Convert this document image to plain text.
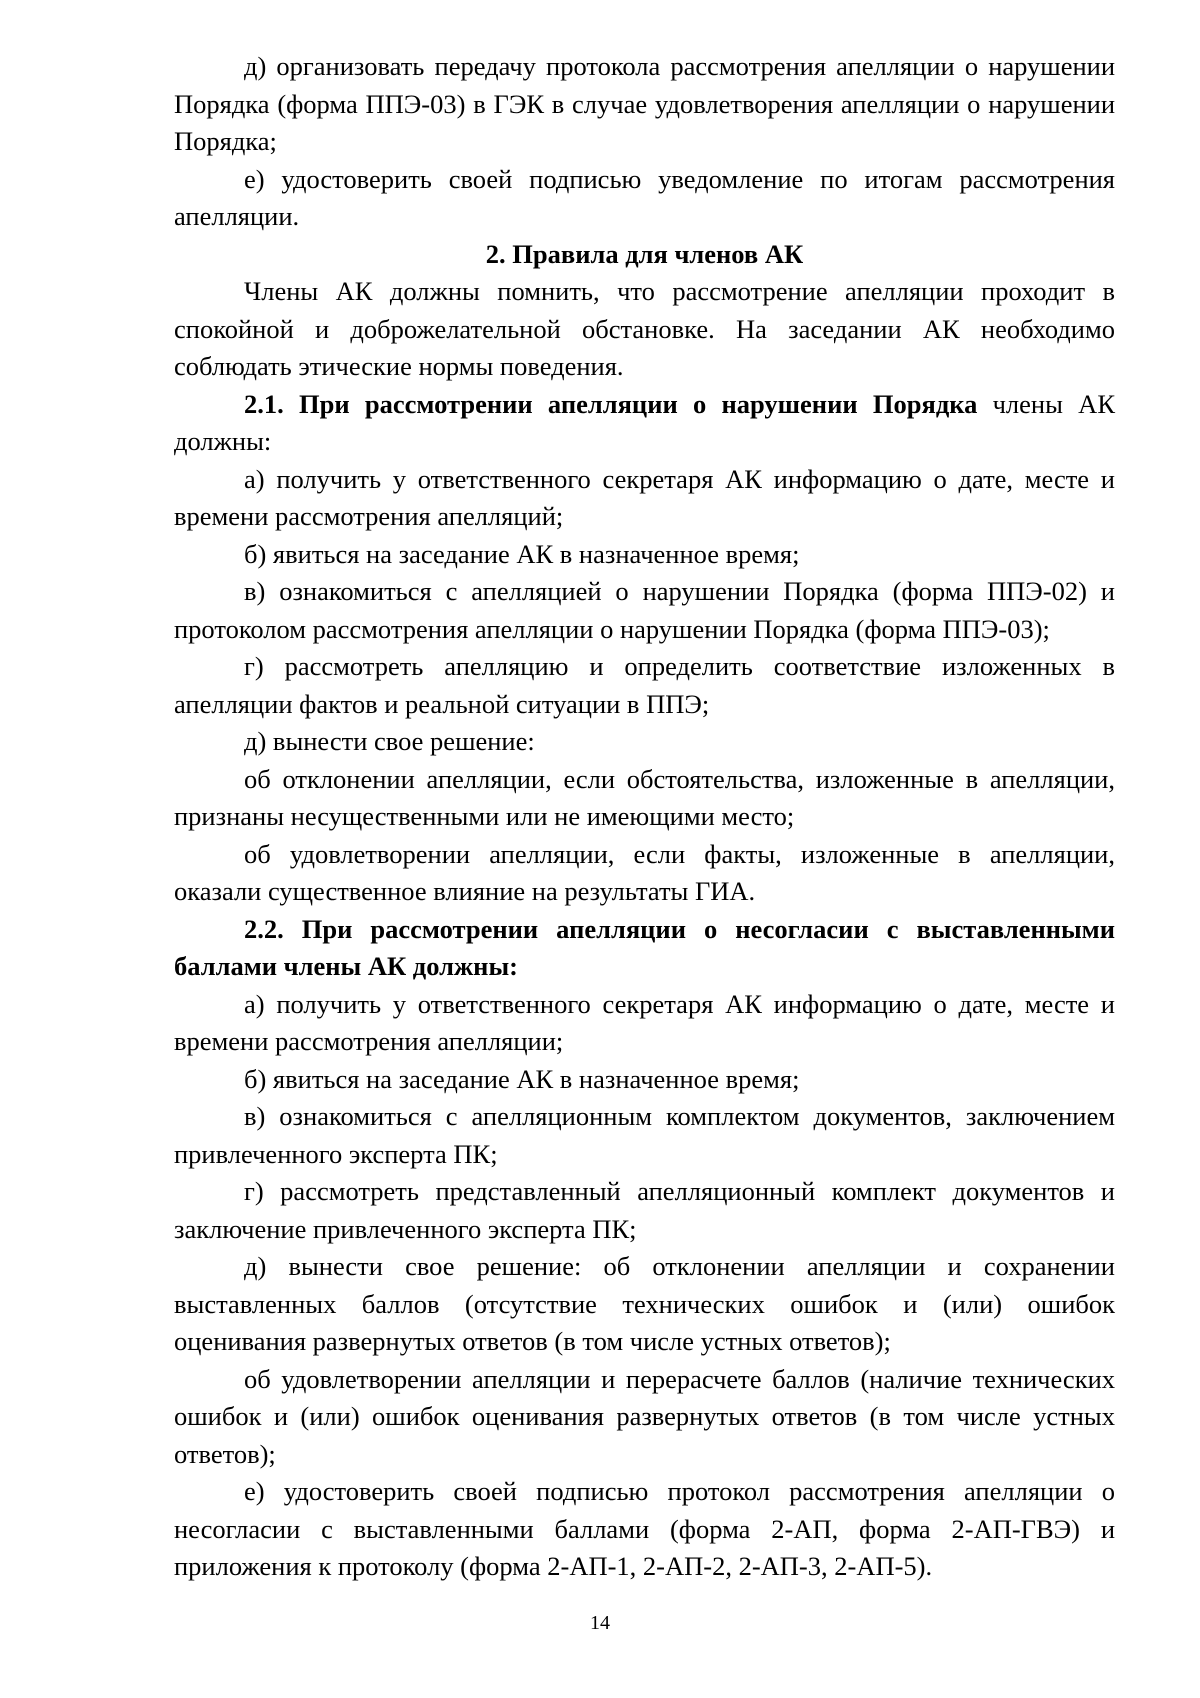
д) организовать передачу протокола рассмотрения апелляции о нарушении Порядка (форма ППЭ-03) в ГЭК в случае удовлетворения апелляции о нарушении Порядка;

е) удостоверить своей подписью уведомление по итогам рассмотрения апелляции.

2. Правила для членов АК

Члены АК должны помнить, что рассмотрение апелляции проходит в спокойной и доброжелательной обстановке. На заседании АК необходимо соблюдать этические нормы поведения.

2.1. При рассмотрении апелляции о нарушении Порядка члены АК должны:

а) получить у ответственного секретаря АК информацию о дате, месте и времени рассмотрения апелляций;

б) явиться на заседание АК в назначенное время;

в) ознакомиться с апелляцией о нарушении Порядка (форма ППЭ-02) и протоколом рассмотрения апелляции о нарушении Порядка (форма ППЭ-03);

г) рассмотреть апелляцию и определить соответствие изложенных в апелляции фактов и реальной ситуации в ППЭ;

д) вынести свое решение:

об отклонении апелляции, если обстоятельства, изложенные в апелляции, признаны несущественными или не имеющими место;

об удовлетворении апелляции, если факты, изложенные в апелляции, оказали существенное влияние на результаты ГИА.

2.2. При рассмотрении апелляции о несогласии с выставленными баллами члены АК должны:

а) получить у ответственного секретаря АК информацию о дате, месте и времени рассмотрения апелляции;

б) явиться на заседание АК в назначенное время;

в) ознакомиться с апелляционным комплектом документов, заключением привлеченного эксперта ПК;

г) рассмотреть представленный апелляционный комплект документов и заключение привлеченного эксперта ПК;

д) вынести свое решение: об отклонении апелляции и сохранении выставленных баллов (отсутствие технических ошибок и (или) ошибок оценивания развернутых ответов (в том числе устных ответов);

об удовлетворении апелляции и перерасчете баллов (наличие технических ошибок и (или) ошибок оценивания развернутых ответов (в том числе устных ответов);

е) удостоверить своей подписью протокол рассмотрения апелляции о несогласии с выставленными баллами (форма 2-АП, форма 2-АП-ГВЭ) и приложения к протоколу (форма 2-АП-1, 2-АП-2, 2-АП-3, 2-АП-5).

14
